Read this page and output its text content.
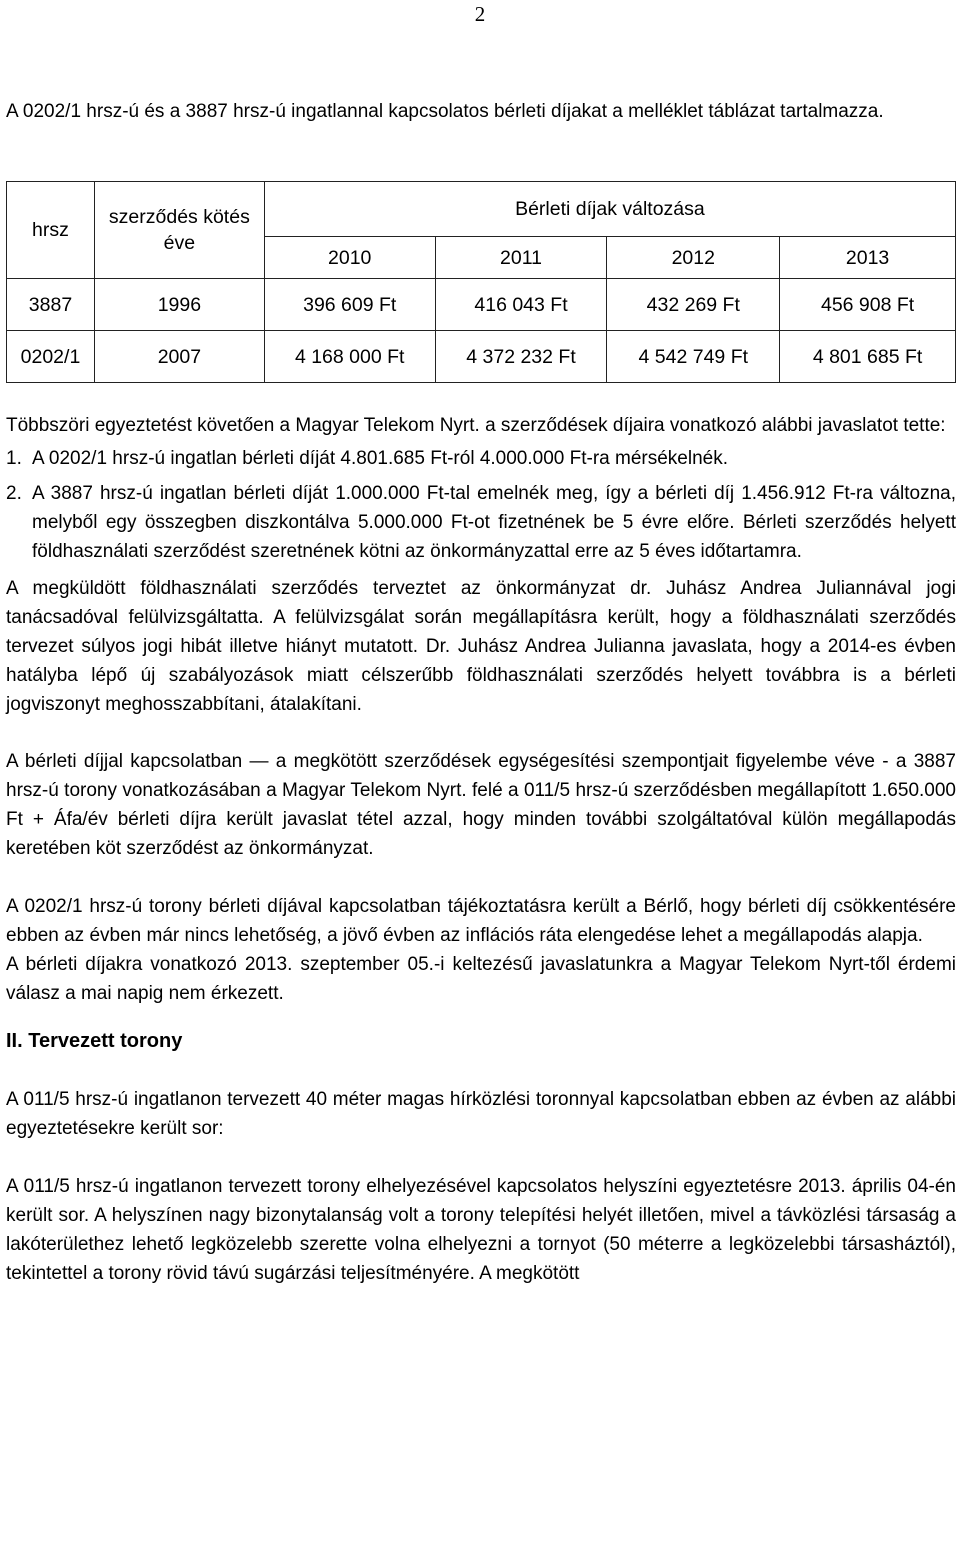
2

A 0202/1 hrsz-ú és a 3887 hrsz-ú ingatlannal kapcsolatos bérleti díjakat a melléklet táblázat tartalmazza.

hrsz	szerződés kötés éve	Bérleti díjak változása			
		2010	2011	2012	2013
3887	1996	396 609 Ft	416 043 Ft	432 269 Ft	456 908 Ft
0202/1	2007	4 168 000 Ft	4 372 232 Ft	4 542 749 Ft	4 801 685 Ft

Többszöri egyeztetést követően a Magyar Telekom Nyrt. a szerződések díjaira vonatkozó alábbi javaslatot tette:

1. A 0202/1 hrsz-ú ingatlan bérleti díját 4.801.685 Ft-ról 4.000.000 Ft-ra mérsékelnék.

2. A 3887 hrsz-ú ingatlan bérleti díját 1.000.000 Ft-tal emelnék meg, így a bérleti díj 1.456.912 Ft-ra változna, melyből egy összegben diszkontálva 5.000.000 Ft-ot fizetnének be 5 évre előre. Bérleti szerződés helyett földhasználati szerződést szeretnének kötni az önkormányzattal erre az 5 éves időtartamra.

A megküldött földhasználati szerződés terveztet az önkormányzat dr. Juhász Andrea Juliannával jogi tanácsadóval felülvizsgáltatta. A felülvizsgálat során megállapításra került, hogy a földhasználati szerződés tervezet súlyos jogi hibát illetve hiányt mutatott. Dr. Juhász Andrea Julianna javaslata, hogy a 2014-es évben hatályba lépő új szabályozások miatt célszerűbb földhasználati szerződés helyett továbbra is a bérleti jogviszonyt meghosszabbítani, átalakítani.

A bérleti díjjal kapcsolatban — a megkötött szerződések egységesítési szempontjait figyelembe véve - a 3887 hrsz-ú torony vonatkozásában a Magyar Telekom Nyrt. felé a 011/5 hrsz-ú szerződésben megállapított 1.650.000 Ft + Áfa/év bérleti díjra került javaslat tétel azzal, hogy minden további szolgáltatóval külön megállapodás keretében köt szerződést az önkormányzat.

A 0202/1 hrsz-ú torony bérleti díjával kapcsolatban tájékoztatásra került a Bérlő, hogy bérleti díj csökkentésére ebben az évben már nincs lehetőség, a jövő évben az inflációs ráta elengedése lehet a megállapodás alapja.

A bérleti díjakra vonatkozó 2013. szeptember 05.-i keltezésű javaslatunkra a Magyar Telekom Nyrt-től érdemi válasz a mai napig nem érkezett.

II. Tervezett torony

A 011/5 hrsz-ú ingatlanon tervezett 40 méter magas hírközlési toronnyal kapcsolatban ebben az évben az alábbi egyeztetésekre került sor:

A 011/5 hrsz-ú ingatlanon tervezett torony elhelyezésével kapcsolatos helyszíni egyeztetésre 2013. április 04-én került sor. A helyszínen nagy bizonytalanság volt a torony telepítési helyét illetően, mivel a távközlési társaság a lakóterülethez lehető legközelebb szerette volna elhelyezni a tornyot (50 méterre a legközelebbi társasháztól), tekintettel a torony rövid távú sugárzási teljesítményére. A megkötött
